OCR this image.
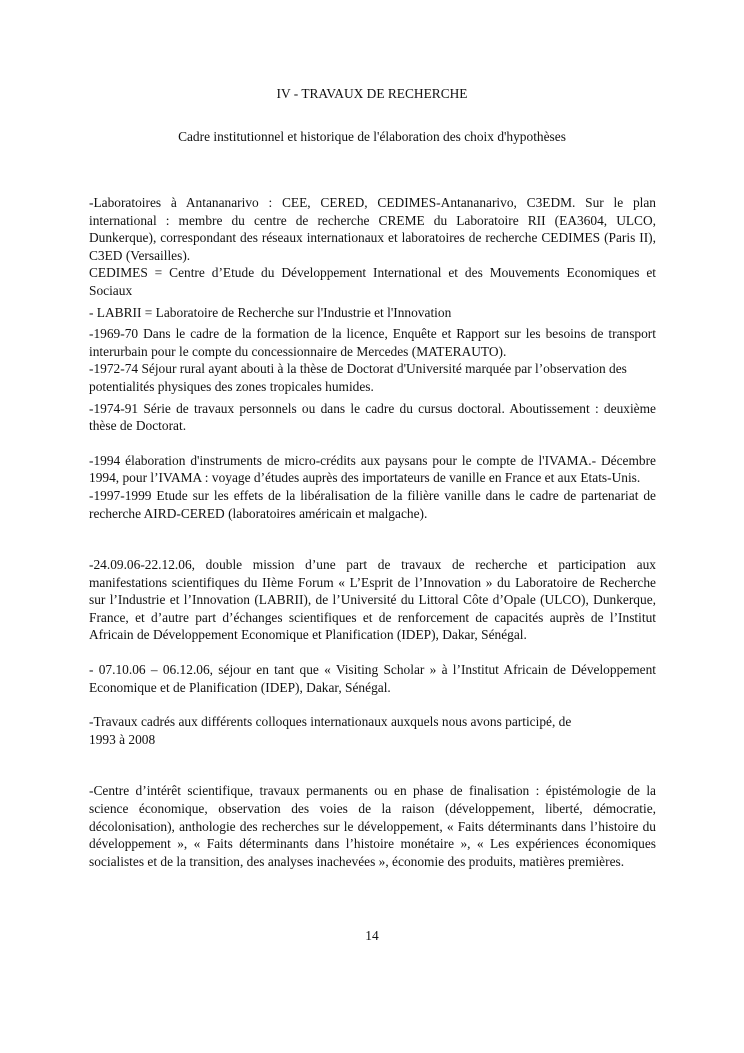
IV - TRAVAUX DE RECHERCHE
Cadre institutionnel et historique de l'élaboration des choix d'hypothèses

-Laboratoires à Antananarivo : CEE, CERED, CEDIMES-Antananarivo, C3EDM. Sur le plan international : membre du centre de recherche CREME du Laboratoire RII (EA3604, ULCO, Dunkerque), correspondant des réseaux internationaux et laboratoires de recherche CEDIMES (Paris II), C3ED (Versailles).

CEDIMES = Centre d’Etude du Développement International et des Mouvements Economiques et Sociaux

- LABRII = Laboratoire de Recherche sur l'Industrie et l'Innovation

-1969-70 Dans le cadre de la formation de la licence, Enquête et Rapport sur les besoins de transport interurbain pour le compte du concessionnaire de Mercedes (MATERAUTO).

-1972-74 Séjour rural ayant abouti à la thèse de Doctorat d'Université marquée par l’observation des potentialités physiques des zones tropicales humides.

-1974-91 Série de travaux personnels ou dans le cadre du cursus doctoral. Aboutissement : deuxième thèse de Doctorat.

-1994 élaboration d'instruments de micro-crédits aux paysans pour le compte de l'IVAMA.- Décembre 1994, pour l’IVAMA : voyage d’études auprès des importateurs de vanille en France et aux Etats-Unis.

-1997-1999 Etude sur les effets de la libéralisation de la filière vanille dans le cadre de partenariat de recherche AIRD-CERED (laboratoires américain et malgache).

-24.09.06-22.12.06, double mission d’une part de travaux de recherche et participation aux manifestations scientifiques du IIème Forum « L’Esprit de l’Innovation » du Laboratoire de Recherche sur l’Industrie et l’Innovation (LABRII), de l’Université du Littoral Côte d’Opale (ULCO), Dunkerque, France, et d’autre part d’échanges scientifiques et de renforcement de capacités auprès de l’Institut Africain de Développement Economique et Planification (IDEP), Dakar, Sénégal.

- 07.10.06 – 06.12.06, séjour en tant que « Visiting Scholar » à l’Institut Africain de Développement Economique et de Planification (IDEP), Dakar, Sénégal.

-Travaux cadrés aux différents colloques internationaux auxquels nous avons participé, de

1993 à 2008

-Centre d’intérêt scientifique, travaux permanents ou en phase de finalisation : épistémologie de la science économique, observation des voies de la raison (développement, liberté, démocratie, décolonisation), anthologie des recherches sur le développement, « Faits déterminants dans l’histoire du développement », « Faits déterminants dans l’histoire monétaire », « Les expériences économiques socialistes et de la transition, des analyses inachevées », économie des produits, matières premières.

14
